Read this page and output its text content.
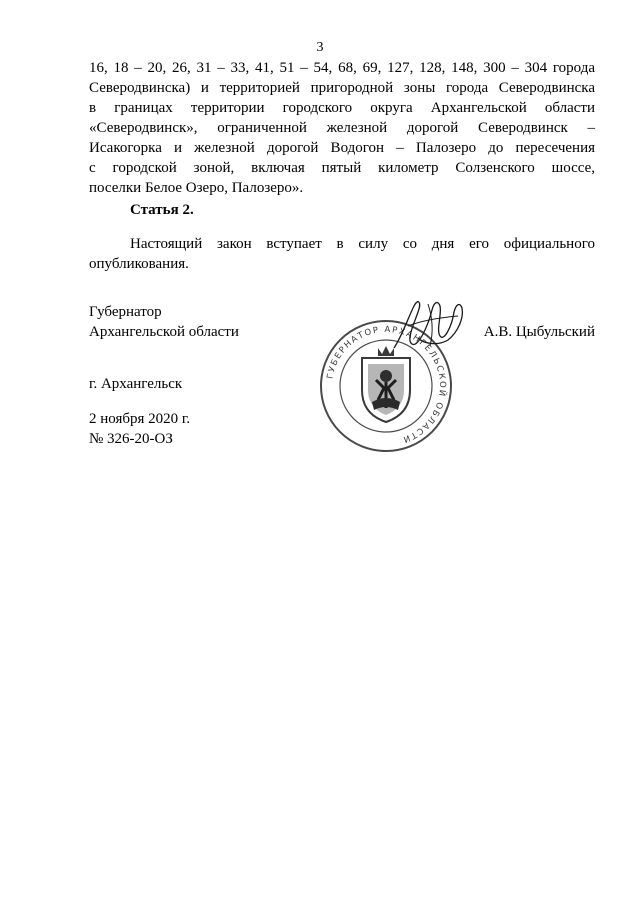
3
16, 18 – 20, 26, 31 – 33, 41, 51 – 54, 68, 69, 127, 128, 148, 300 – 304 города
Северодвинска) и территорией пригородной зоны города Северодвинска
в границах территории городского округа Архангельской области
«Северодвинск», ограниченной железной дорогой Северодвинск –
Исакогорка и железной дорогой Водогон – Палозеро до пересечения
с городской зоной, включая пятый километр Солзенского шоссе,
поселки Белое Озеро, Палозеро».
Статья 2.
Настоящий закон вступает в силу со дня его официального
опубликования.
Губернатор
Архангельской области
ГУБЕРНАТОР АРХАНГЕЛЬСКОЙ ОБЛАСТИ
А.В. Цыбульский
г. Архангельск
2 ноября 2020 г.
№ 326-20-ОЗ
